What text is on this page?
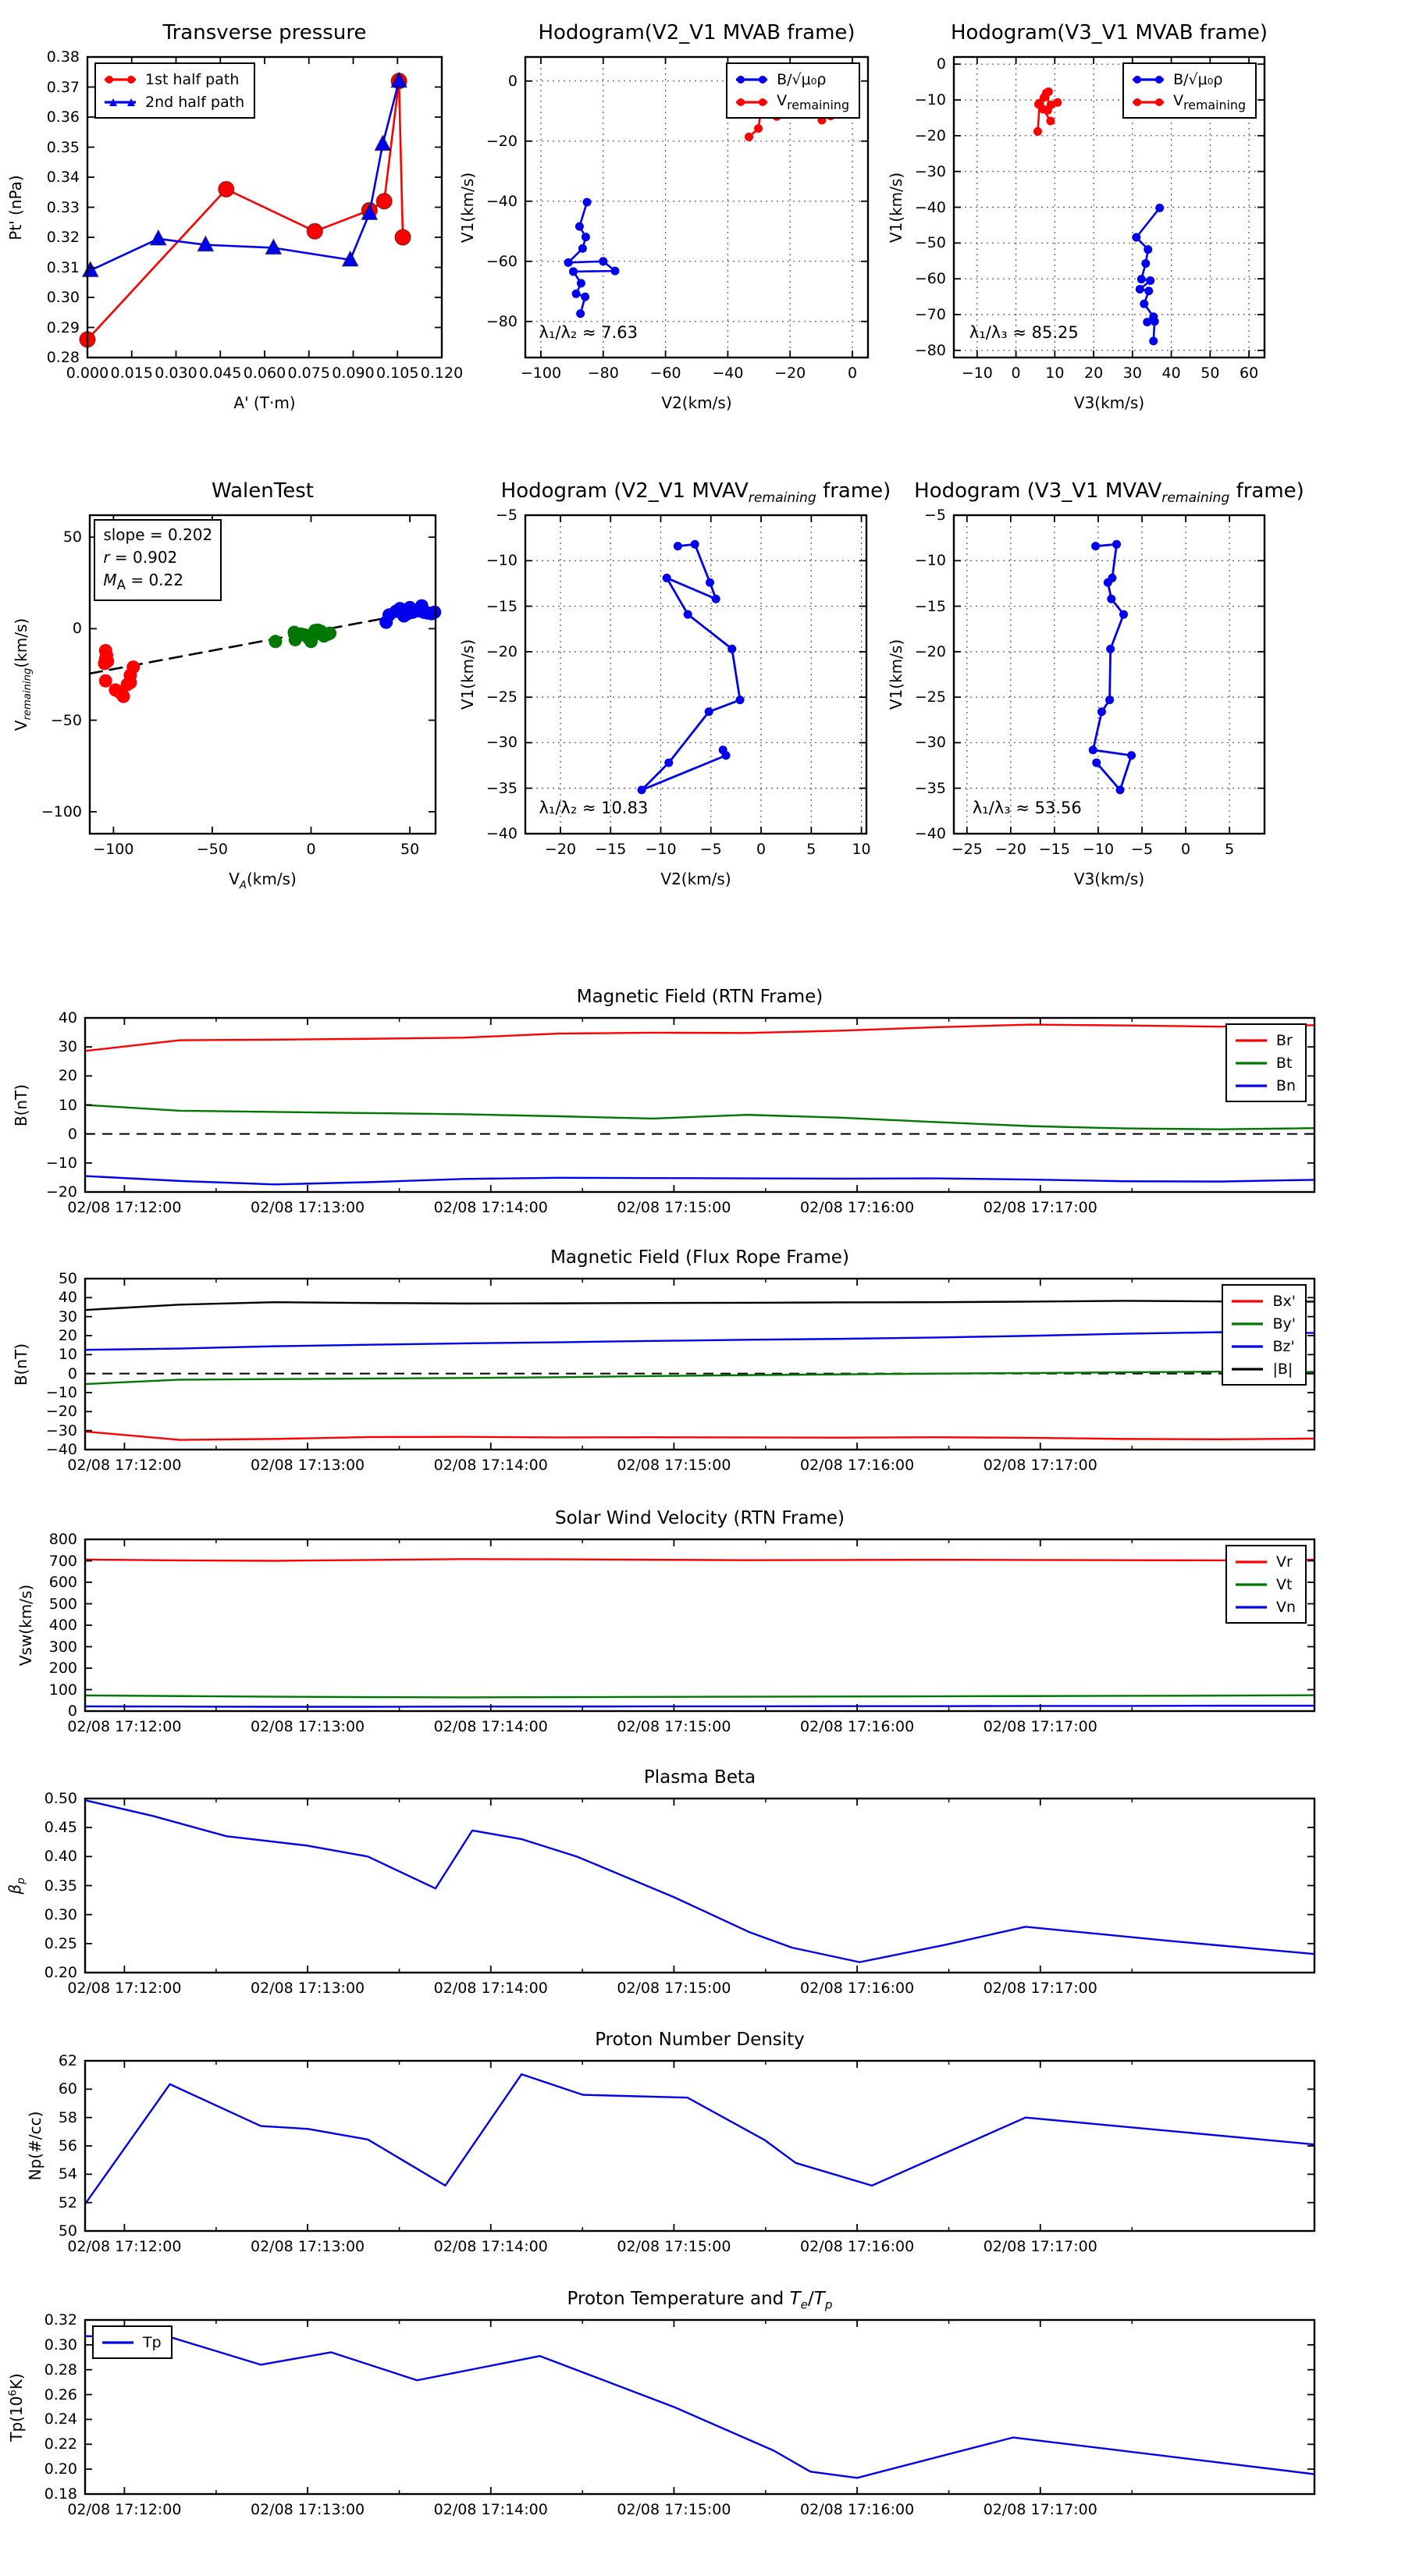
Transverse pressure
0.000 0.015 0.030 0.045 0.060 0.075 0.090 0.105 0.120
0.28
0.29
0.30
0.31
0.32
0.33
0.34
0.35
0.36
0.37
0.38
A' (T·m)
Pt' (nPa)
1st half path
2nd half path
Hodogram(V2_V1 MVAB frame)
−100 −80 −60 −40 −20	0
0
−20
−40
−60
−80
V2(km/s)
V1(km/s)
λ₁/λ₂ ≈ 7.63
B/√μ₀ρ
$V_{remaining}$
Hodogram(V3_V1 MVAB frame)
−10 0 10 20 30 40 50 60
0
−10
−20
−30
−40
−50
−60
−70
−80
V3(km/s)
V1(km/s)
λ₁/λ₃ ≈ 85.25
B/√μ₀ρ
$V_{remaining}$
WalenTest
−100	−50	0	50
50
0
−50
−100
$V_A(km/s)$
$V_{remaining}(km/s)$
slope = 0.202
r = 0.902
$M_A = 0.22$
Hodogram (V2_V1 $MVAV_{remaining}$ frame)
−20 −15 −10 −5 0	5 10
−5
−10
−15
−20
−25
−30
−35
−40
V2(km/s)
V1(km/s)
λ₁/λ₂ ≈ 10.83
Hodogram (V3_V1 $MVAV_{remaining}$ frame)
−25 −20 −15 −10 −5 0 5
−5
−10
−15
−20
−25
−30
−35
−40
V3(km/s)
V1(km/s)
λ₁/λ₃ ≈ 53.56
Magnetic Field (RTN Frame)
02/08 17:12:00	02/08 17:13:00	02/08 17:14:00	02/08 17:15:00	02/08 17:16:00	02/08 17:17:00
−20
−10
0
10
20
30
40
B(nT)
Br
Bt
Bn
Magnetic Field (Flux Rope Frame)
02/08 17:12:00	02/08 17:13:00	02/08 17:14:00	02/08 17:15:00	02/08 17:16:00	02/08 17:17:00
−40
−30
−20
−10
0
10
20
30
40
50
B(nT)
Bx'
By'
Bz'
|B|
Solar Wind Velocity (RTN Frame)
02/08 17:12:00	02/08 17:13:00	02/08 17:14:00	02/08 17:15:00	02/08 17:16:00	02/08 17:17:00
0
100
200
300
400
500
600
700
800
Vsw(km/s)
Vr
Vt
Vn
Plasma Beta
02/08 17:12:00	02/08 17:13:00	02/08 17:14:00	02/08 17:15:00	02/08 17:16:00	02/08 17:17:00
0.20
0.25
0.30
0.35
0.40
0.45
0.50
$\beta_p$
Proton Number Density
02/08 17:12:00	02/08 17:13:00	02/08 17:14:00	02/08 17:15:00	02/08 17:16:00	02/08 17:17:00
50
52
54
56
58
60
62
Np(#/cc)
Proton Temperature and $T_e/T_p$
02/08 17:12:00	02/08 17:13:00	02/08 17:14:00	02/08 17:15:00	02/08 17:16:00	02/08 17:17:00
0.18
0.20
0.22
0.24
0.26
0.28
0.30
0.32
$Tp(10^6K)$
Tp
